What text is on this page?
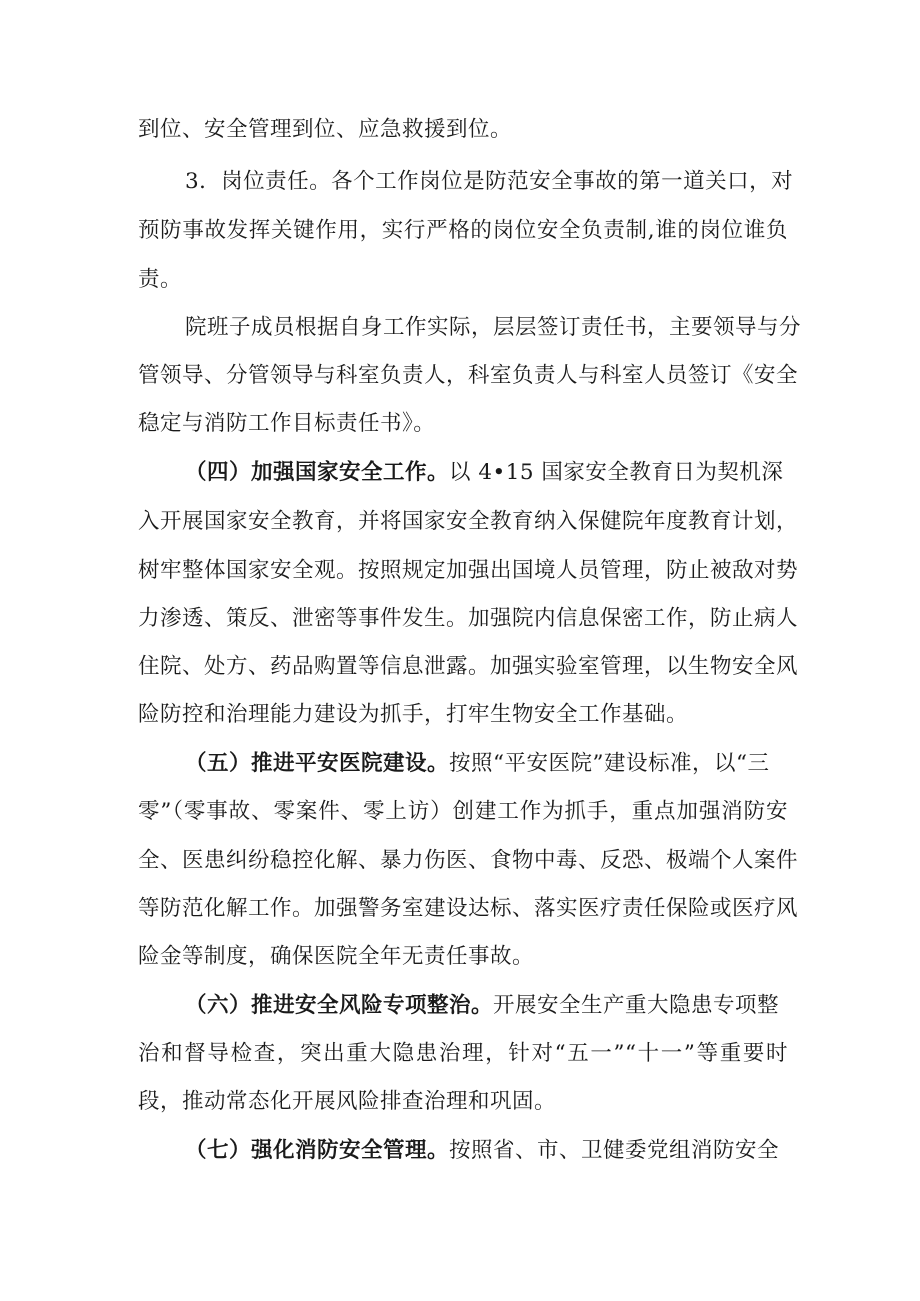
到位、安全管理到位、应急救援到位。
3．岗位责任。各个工作岗位是防范安全事故的第一道关口，对
预防事故发挥关键作用，实行严格的岗位安全负责制,谁的岗位谁负
责。
院班子成员根据自身工作实际，层层签订责任书，主要领导与分
管领导、分管领导与科室负责人，科室负责人与科室人员签订《安全
稳定与消防工作目标责任书》。
（四）加强国家安全工作。以 4•15 国家安全教育日为契机深
入开展国家安全教育，并将国家安全教育纳入保健院年度教育计划，
树牢整体国家安全观。按照规定加强出国境人员管理，防止被敌对势
力渗透、策反、泄密等事件发生。加强院内信息保密工作，防止病人
住院、处方、药品购置等信息泄露。加强实验室管理，以生物安全风
险防控和治理能力建设为抓手，打牢生物安全工作基础。
（五）推进平安医院建设。按照“平安医院”建设标准，以“三
零”（零事故、零案件、零上访）创建工作为抓手，重点加强消防安
全、医患纠纷稳控化解、暴力伤医、食物中毒、反恐、极端个人案件
等防范化解工作。加强警务室建设达标、落实医疗责任保险或医疗风
险金等制度，确保医院全年无责任事故。
（六）推进安全风险专项整治。开展安全生产重大隐患专项整
治和督导检查，突出重大隐患治理，针对“五一”“十一”等重要时
段，推动常态化开展风险排查治理和巩固。
（七）强化消防安全管理。按照省、市、卫健委党组消防安全
